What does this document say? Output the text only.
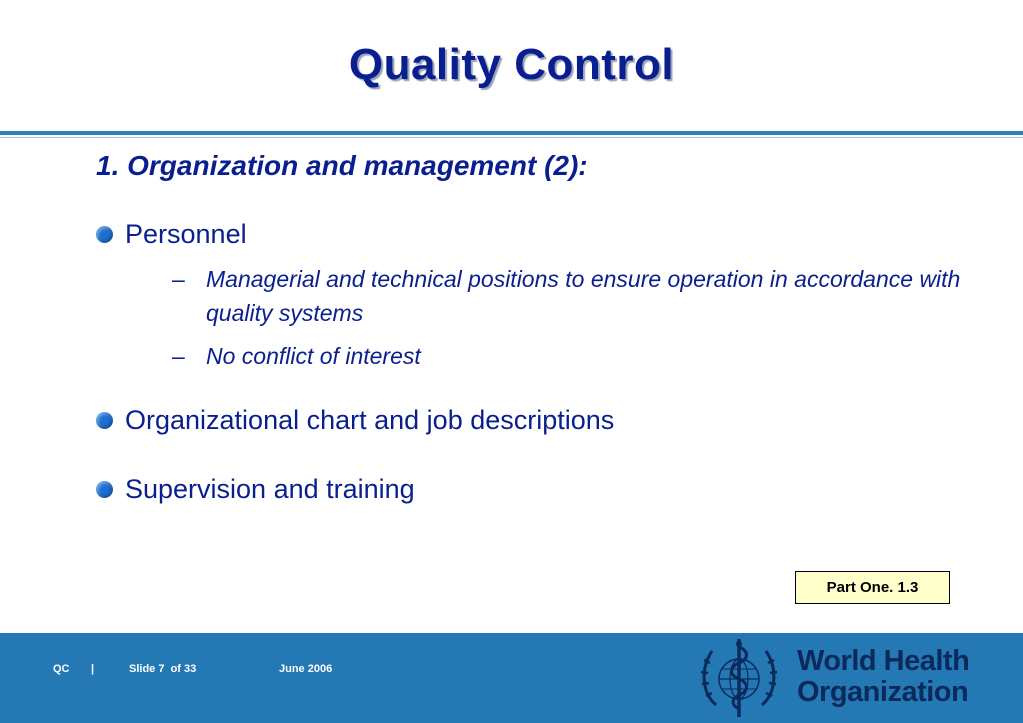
Quality Control
1. Organization and management (2):
Personnel
– Managerial and technical positions to ensure operation in accordance with quality systems
– No conflict of interest
Organizational chart and job descriptions
Supervision and training
Part One. 1.3
QC |	Slide 7  of 33	June 2006	World Health
Organization
